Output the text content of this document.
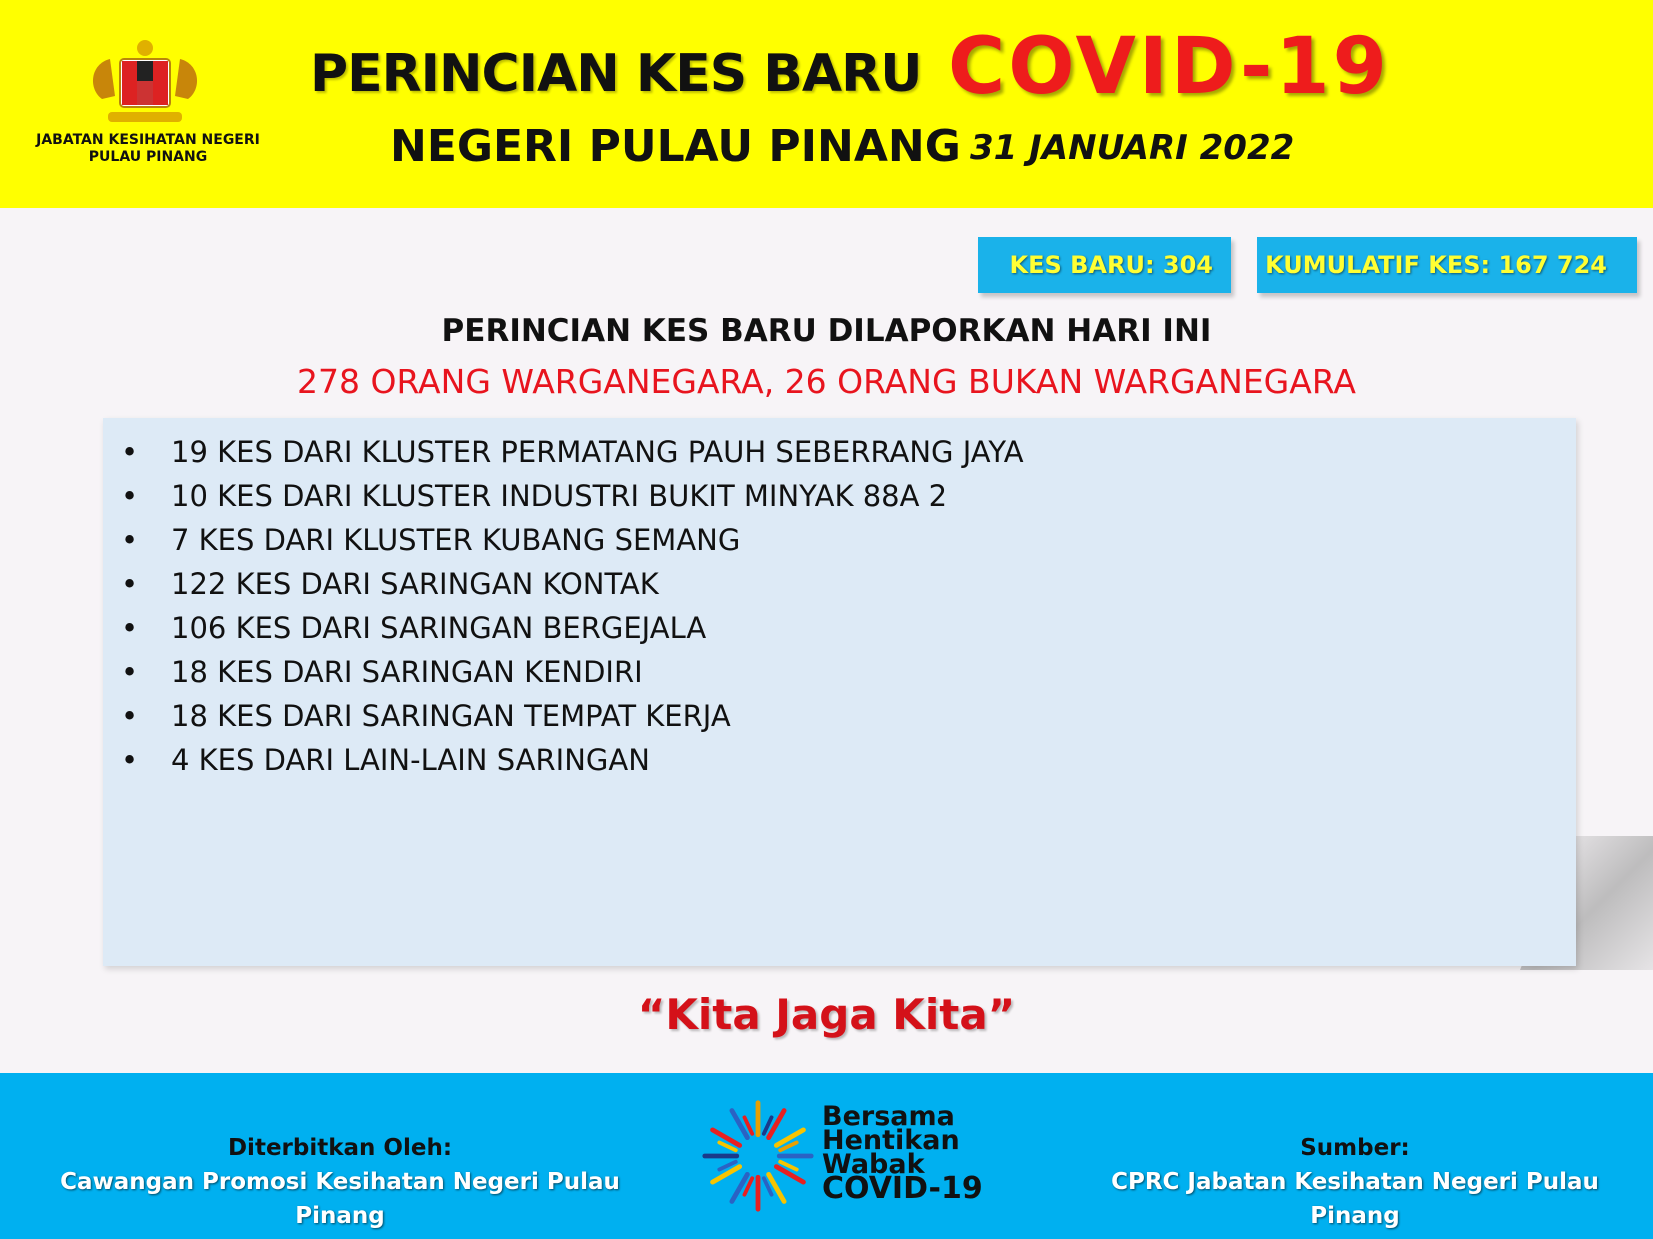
JABATAN KESIHATAN NEGERI PULAU PINANG
PERINCIAN KES BARU COVID-19
NEGERI PULAU PINANG 31 JANUARI 2022
KES BARU: 304	KUMULATIF KES: 167 724
PERINCIAN KES BARU DILAPORKAN HARI INI
278 ORANG WARGANEGARA, 26 ORANG BUKAN WARGANEGARA
• 19 KES DARI KLUSTER PERMATANG PAUH SEBERRANG JAYA
• 10 KES DARI KLUSTER INDUSTRI BUKIT MINYAK 88A 2
• 7 KES DARI KLUSTER KUBANG SEMANG
• 122 KES DARI SARINGAN KONTAK
• 106 KES DARI SARINGAN BERGEJALA
• 18 KES DARI SARINGAN KENDIRI
• 18 KES DARI SARINGAN TEMPAT KERJA
• 4 KES DARI LAIN-LAIN SARINGAN
“Kita Jaga Kita”
Diterbitkan Oleh:
Cawangan Promosi Kesihatan Negeri Pulau Pinang
Bersama
Hentikan
Wabak
COVID-19
Sumber:
CPRC Jabatan Kesihatan Negeri Pulau Pinang
